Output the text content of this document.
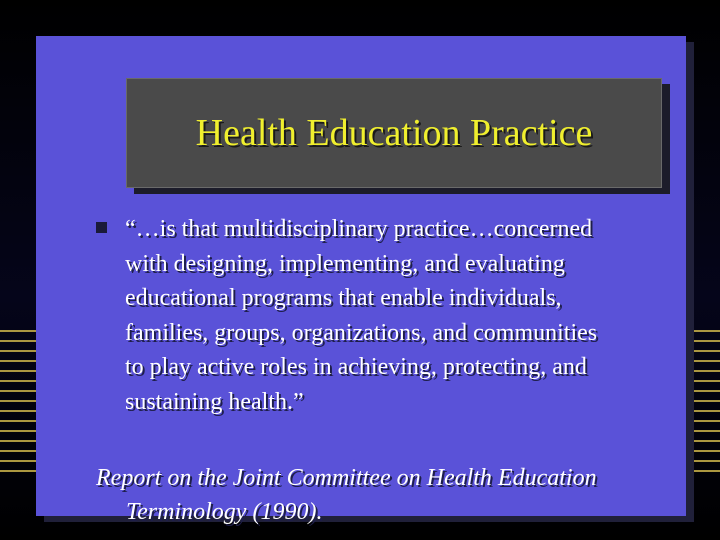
Health Education Practice

“…is that multidisciplinary practice…concerned
with designing, implementing, and evaluating
educational programs that enable individuals,
families, groups, organizations, and communities
to play active roles in achieving, protecting, and
sustaining health.”

Report on the Joint Committee on Health Education
Terminology (1990).
